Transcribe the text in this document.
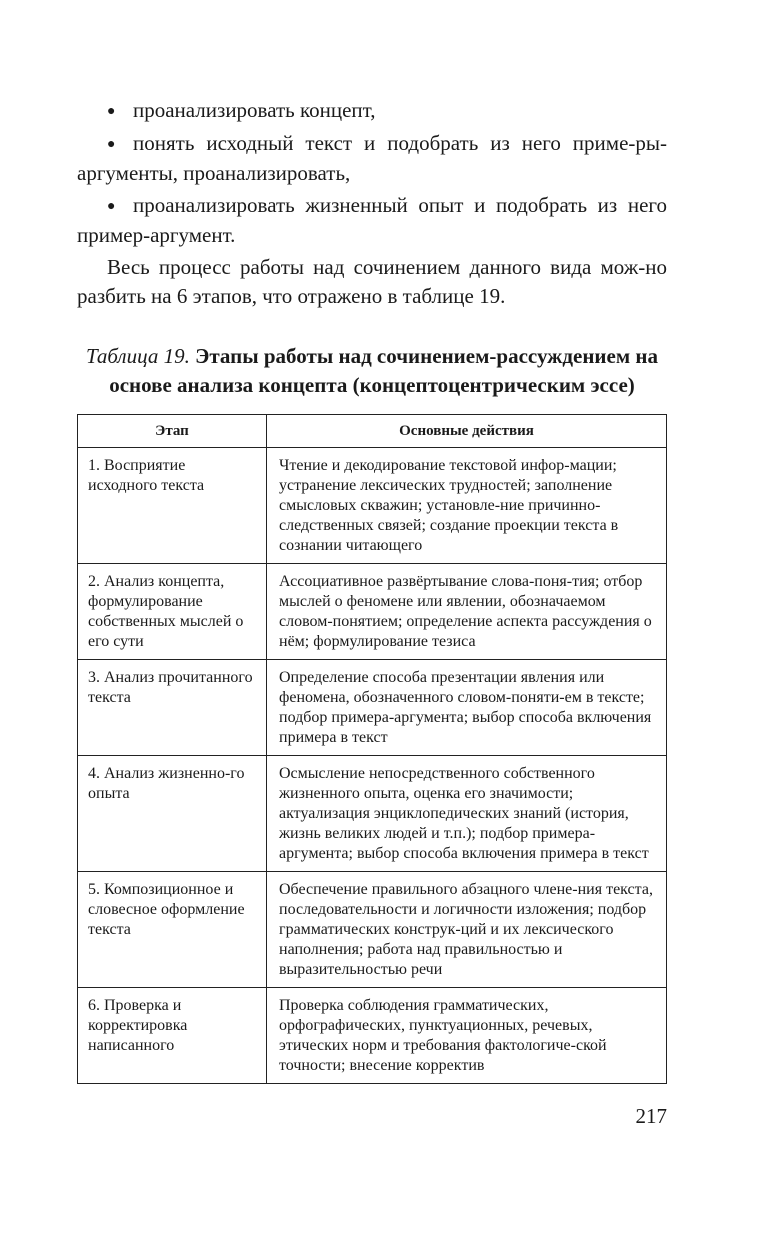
● проанализировать концепт,

● понять исходный текст и подобрать из него приме-ры-аргументы, проанализировать,

● проанализировать жизненный опыт и подобрать из него пример-аргумент.

Весь процесс работы над сочинением данного вида мож-но разбить на 6 этапов, что отражено в таблице 19.

Таблица 19. Этапы работы над сочинением-рассуждением на основе анализа концепта (концептоцентрическим эссе)
Этап	Основные действия
1. Восприятие исходного текста	Чтение и декодирование текстовой инфор-мации; устранение лексических трудностей; заполнение смысловых скважин; установле-ние причинно-следственных связей; создание проекции текста в сознании читающего
2. Анализ концепта, формулирование собственных мыслей о его сути	Ассоциативное развёртывание слова-поня-тия; отбор мыслей о феномене или явлении, обозначаемом словом-понятием; определение аспекта рассуждения о нём; формулирование тезиса
3. Анализ прочитанного текста	Определение способа презентации явления или феномена, обозначенного словом-поняти-ем в тексте; подбор примера-аргумента; выбор способа включения примера в текст
4. Анализ жизненно-го опыта	Осмысление непосредственного собственного жизненного опыта, оценка его значимости; актуализация энциклопедических знаний (история, жизнь великих людей и т.п.); подбор примера-аргумента; выбор способа включения примера в текст
5. Композиционное и словесное оформление текста	Обеспечение правильного абзацного члене-ния текста, последовательности и логичности изложения; подбор грамматических конструк-ций и их лексического наполнения; работа над правильностью и выразительностью речи
6. Проверка и корректировка написанного	Проверка соблюдения грамматических, орфографических, пунктуационных, речевых, этических норм и требования фактологиче-ской точности; внесение корректив
217
